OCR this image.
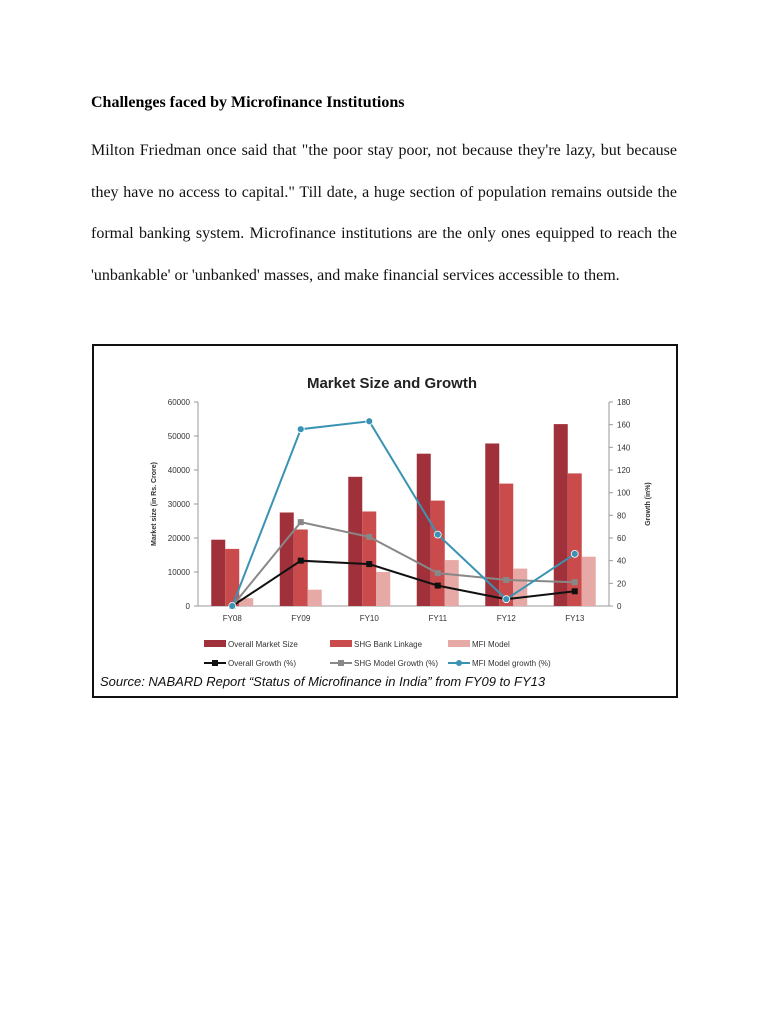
Challenges faced by Microfinance Institutions

Milton Friedman once said that "the poor stay poor, not because they're lazy, but because they have no access to capital." Till date, a huge section of population remains outside the formal banking system. Microfinance institutions are the only ones equipped to reach the 'unbankable' or 'unbanked' masses, and make financial services accessible to them.

Market Size and Growth
Market size (in Rs. Crore)	Growth (in%)
0
10000
20000
30000
40000
50000
60000
0
20
40
60
80
100
120
140
160
180
FY08	FY09	FY10	FY11	FY12	FY13
Overall Market Size	SHG Bank Linkage	MFI Model
Overall Growth (%)	SHG Model Growth (%)	MFI Model growth (%)
Source: NABARD Report “Status of Microfinance in India” from FY09 to FY13
